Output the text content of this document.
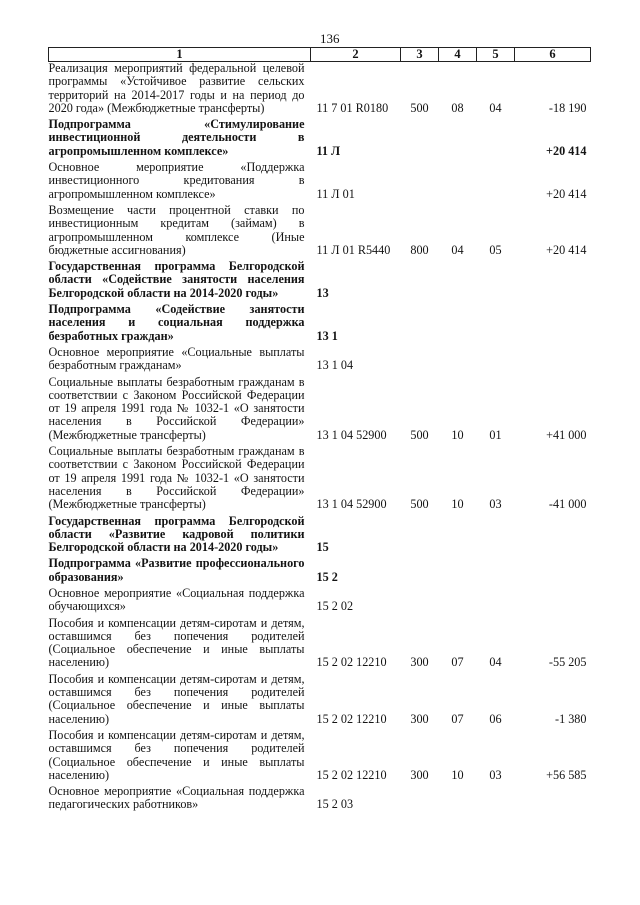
136
1	2	3	4	5	6
Реализация мероприятий федеральной целевой программы «Устойчивое развитие сельских территорий на 2014-2017 годы и на период до 2020 года» (Межбюджетные трансферты)	11 7 01 R0180	500	08	04	-18 190
Подпрограмма «Стимулирование инвестиционной деятельности в агропромышленном комплексе»	11 Л				+20 414
Основное мероприятие «Поддержка инвестиционного кредитования в агропромышленном комплексе»	11 Л 01				+20 414
Возмещение части процентной ставки по инвестиционным кредитам (займам) в агропромышленном комплексе (Иные бюджетные ассигнования)	11 Л 01 R5440	800	04	05	+20 414
Государственная программа Белгородской области «Содействие занятости населения Белгородской области на 2014-2020 годы»	13				
Подпрограмма «Содействие занятости населения и социальная поддержка безработных граждан»	13 1				
Основное мероприятие «Социальные выплаты безработным гражданам»	13 1 04				
Социальные выплаты безработным гражданам в соответствии с Законом Российской Федерации от 19 апреля 1991 года № 1032-1 «О занятости населения в Российской Федерации» (Межбюджетные трансферты)	13 1 04 52900	500	10	01	+41 000
Социальные выплаты безработным гражданам в соответствии с Законом Российской Федерации от 19 апреля 1991 года № 1032-1 «О занятости населения в Российской Федерации» (Межбюджетные трансферты)	13 1 04 52900	500	10	03	-41 000
Государственная программа Белгородской области «Развитие кадровой политики Белгородской области на 2014-2020 годы»	15				
Подпрограмма «Развитие профессионального образования»	15 2				
Основное мероприятие «Социальная поддержка обучающихся»	15 2 02				
Пособия и компенсации детям-сиротам и детям, оставшимся без попечения родителей (Социальное обеспечение и иные выплаты населению)	15 2 02 12210	300	07	04	-55 205
Пособия и компенсации детям-сиротам и детям, оставшимся без попечения родителей (Социальное обеспечение и иные выплаты населению)	15 2 02 12210	300	07	06	-1 380
Пособия и компенсации детям-сиротам и детям, оставшимся без попечения родителей (Социальное обеспечение и иные выплаты населению)	15 2 02 12210	300	10	03	+56 585
Основное мероприятие «Социальная поддержка педагогических работников»	15 2 03				
